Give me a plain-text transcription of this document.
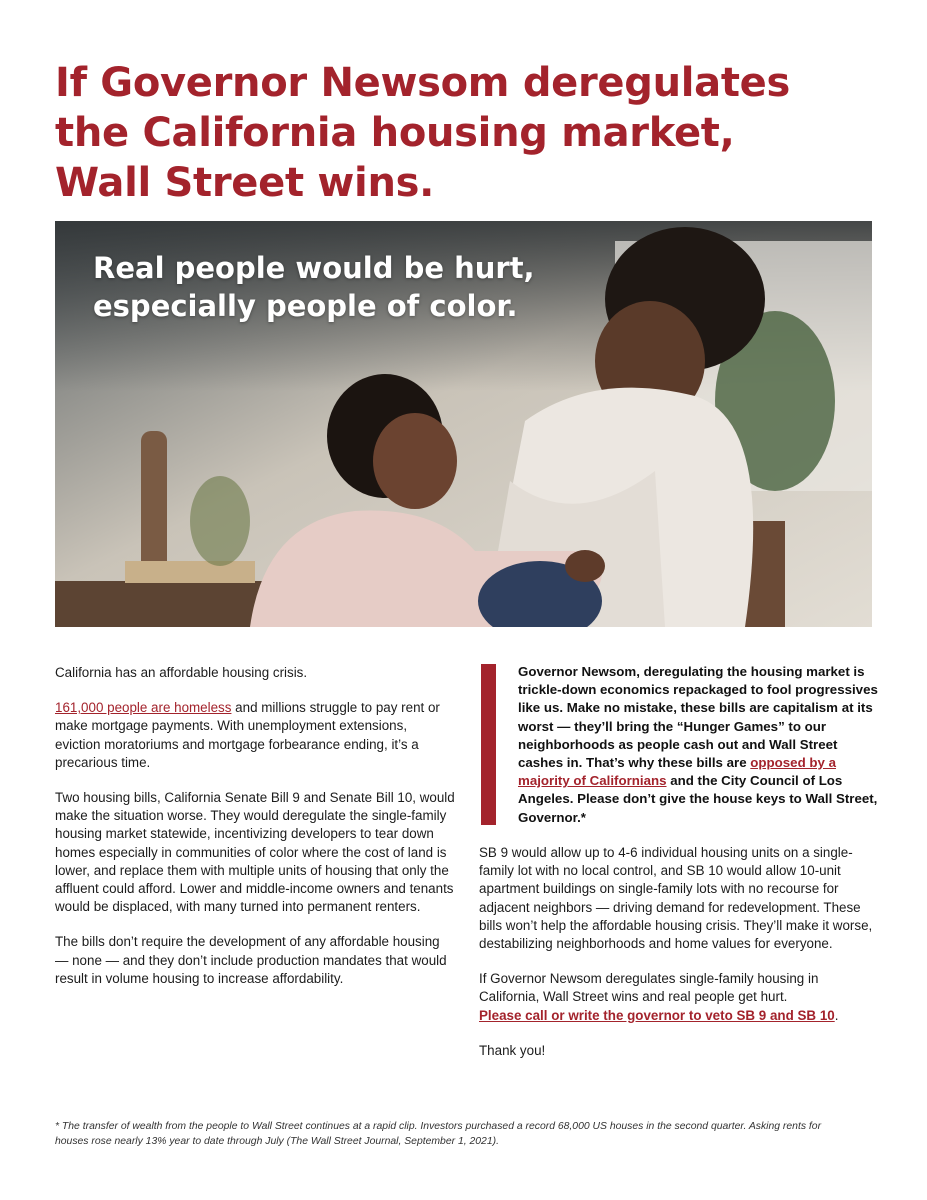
If Governor Newsom deregulates
the California housing market,
Wall Street wins.
Real people would be hurt,
especially people of color.

California has an affordable housing crisis.

161,000 people are homeless and millions struggle to pay rent or make mortgage payments. With unemployment extensions, eviction moratoriums and mortgage forbearance ending, it’s a precarious time.

Two housing bills, California Senate Bill 9 and Senate Bill 10, would make the situation worse. They would deregulate the single-family housing market statewide, incentivizing developers to tear down homes especially in communities of color where the cost of land is lower, and replace them with multiple units of housing that only the affluent could afford. Lower and middle-income owners and tenants would be displaced, with many turned into permanent renters.

The bills don’t require the development of any affordable housing — none — and they don’t include production mandates that would result in volume housing to increase affordability.

Governor Newsom, deregulating the housing market is trickle-down economics repackaged to fool progressives like us. Make no mistake, these bills are capitalism at its worst — they’ll bring the “Hunger Games” to our neighborhoods as people cash out and Wall Street cashes in. That’s why these bills are opposed by a majority of Californians and the City Council of Los Angeles. Please don’t give the house keys to Wall Street, Governor.*

SB 9 would allow up to 4-6 individual housing units on a single-family lot with no local control, and SB 10 would allow 10-unit apartment buildings on single-family lots with no recourse for adjacent neighbors — driving demand for redevelopment. These bills won’t help the affordable housing crisis. They’ll make it worse, destabilizing neighborhoods and home values for everyone.

If Governor Newsom deregulates single-family housing in California, Wall Street wins and real people get hurt.
Please call or write the governor to veto SB 9 and SB 10.

Thank you!

* The transfer of wealth from the people to Wall Street continues at a rapid clip. Investors purchased a record 68,000 US houses in the second quarter. Asking rents for houses rose nearly 13% year to date through July (The Wall Street Journal, September 1, 2021).
